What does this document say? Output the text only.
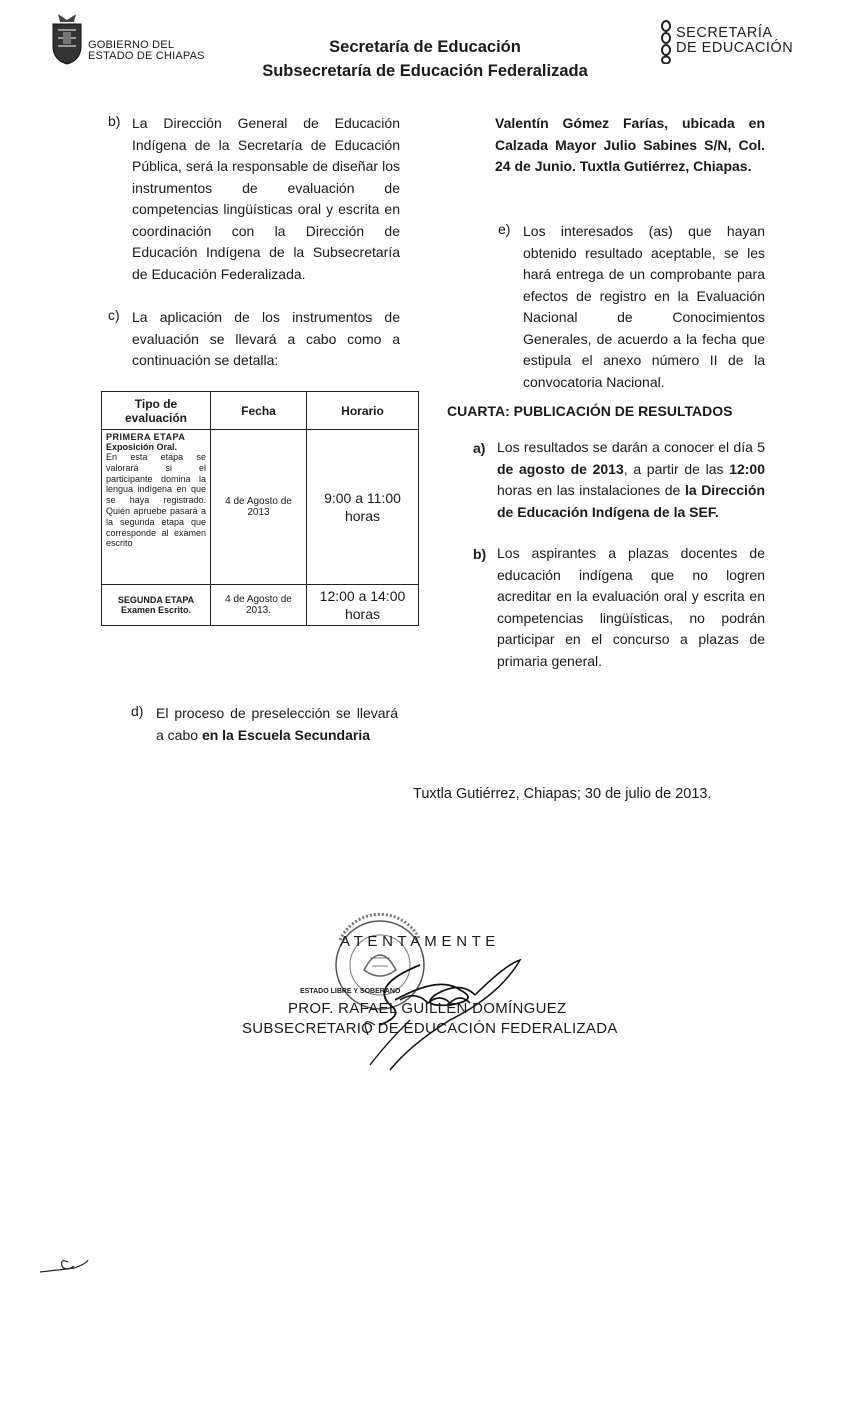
GOBIERNO DEL
ESTADO DE CHIAPAS	Secretaría de Educación
Subsecretaría de Educación Federalizada
SECRETARÍA
DE EDUCACIÓN
b) La Dirección General de Educación Indígena de la Secretaría de Educación Pública, será la responsable de diseñar los instrumentos de evaluación de competencias lingüísticas oral y escrita en coordinación con la Dirección de Educación Indígena de la Subsecretaría de Educación Federalizada.
c) La aplicación de los instrumentos de evaluación se llevará a cabo como a continuación se detalla:
Tipo de evaluación	Fecha	Horario

PRIMERA ETAPA
Exposición Oral.
En esta etapa se valorará si el participante domina la lengua indígena en que se haya registrado. Quién apruebe pasará a la segunda etapa que corresponde al examen escrito	4 de Agosto de 2013	9:00 a 11:00 horas

SEGUNDA ETAPA
Examen Escrito.	4 de Agosto de 2013.	12:00 a 14:00 horas
d) El proceso de preselección se llevará a cabo en la Escuela Secundaria
Valentín Gómez Farías, ubicada en Calzada Mayor Julio Sabines S/N, Col. 24 de Junio. Tuxtla Gutiérrez, Chiapas.
e) Los interesados (as) que hayan obtenido resultado aceptable, se les hará entrega de un comprobante para efectos de registro en la Evaluación Nacional de Conocimientos Generales, de acuerdo a la fecha que estipula el anexo número II de la convocatoria Nacional.
CUARTA: PUBLICACIÓN DE RESULTADOS
a) Los resultados se darán a conocer el día 5 de agosto de 2013, a partir de las 12:00 horas en las instalaciones de la Dirección de Educación Indígena de la SEF.
b) Los aspirantes a plazas docentes de educación indígena que no logren acreditar en la evaluación oral y escrita en competencias lingüísticas, no podrán participar en el concurso a plazas de primaria general.
Tuxtla Gutiérrez, Chiapas; 30 de julio de 2013.
A T E N T A M E N T E
ESTADO LIBRE Y SOBERANO
PROF. RAFAEL GUILLÉN DOMÍNGUEZ
SUBSECRETARIO DE EDUCACIÓN FEDERALIZADA
